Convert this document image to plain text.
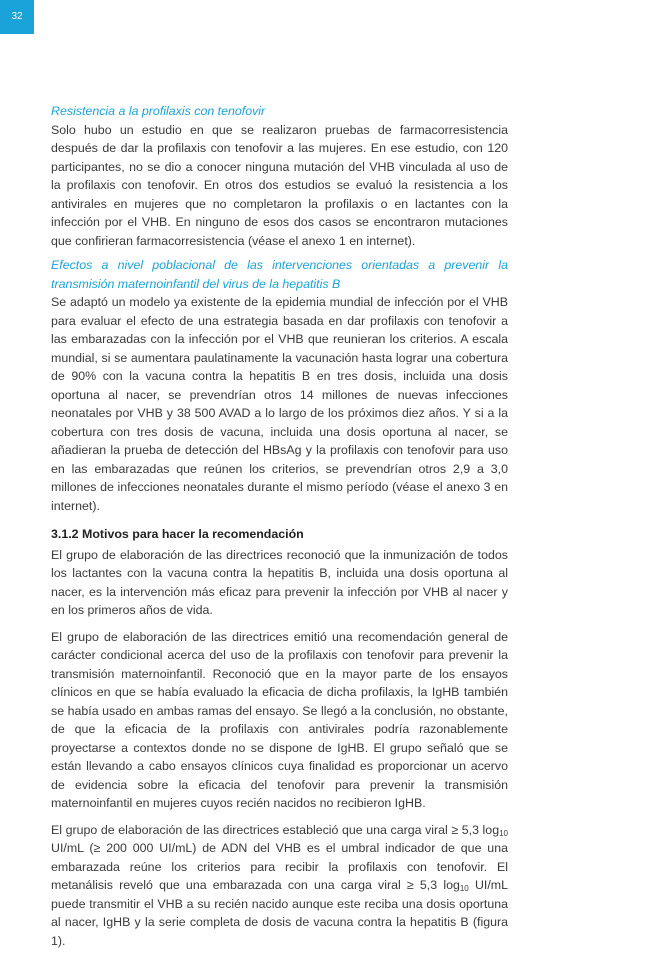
32

Resistencia a la profilaxis con tenofovir

Solo hubo un estudio en que se realizaron pruebas de farmacorresistencia después de dar la profilaxis con tenofovir a las mujeres. En ese estudio, con 120 participantes, no se dio a conocer ninguna mutación del VHB vinculada al uso de la profilaxis con tenofovir. En otros dos estudios se evaluó la resistencia a los antivirales en mujeres que no completaron la profilaxis o en lactantes con la infección por el VHB. En ninguno de esos dos casos se encontraron mutaciones que confirieran farmacorresistencia (véase el anexo 1 en internet).

Efectos a nivel poblacional de las intervenciones orientadas a prevenir la transmisión maternoinfantil del virus de la hepatitis B

Se adaptó un modelo ya existente de la epidemia mundial de infección por el VHB para evaluar el efecto de una estrategia basada en dar profilaxis con tenofovir a las embarazadas con la infección por el VHB que reunieran los criterios. A escala mundial, si se aumentara paulatinamente la vacunación hasta lograr una cobertura de 90% con la vacuna contra la hepatitis B en tres dosis, incluida una dosis oportuna al nacer, se prevendrían otros 14 millones de nuevas infecciones neonatales por VHB y 38 500 AVAD a lo largo de los próximos diez años. Y si a la cobertura con tres dosis de vacuna, incluida una dosis oportuna al nacer, se añadieran la prueba de detección del HBsAg y la profilaxis con tenofovir para uso en las embarazadas que reúnen los criterios, se prevendrían otros 2,9 a 3,0 millones de infecciones neonatales durante el mismo período (véase el anexo 3 en internet).

3.1.2 Motivos para hacer la recomendación

El grupo de elaboración de las directrices reconoció que la inmunización de todos los lactantes con la vacuna contra la hepatitis B, incluida una dosis oportuna al nacer, es la intervención más eficaz para prevenir la infección por VHB al nacer y en los primeros años de vida.

El grupo de elaboración de las directrices emitió una recomendación general de carácter condicional acerca del uso de la profilaxis con tenofovir para prevenir la transmisión maternoinfantil. Reconoció que en la mayor parte de los ensayos clínicos en que se había evaluado la eficacia de dicha profilaxis, la IgHB también se había usado en ambas ramas del ensayo. Se llegó a la conclusión, no obstante, de que la eficacia de la profilaxis con antivirales podría razonablemente proyectarse a contextos donde no se dispone de IgHB. El grupo señaló que se están llevando a cabo ensayos clínicos cuya finalidad es proporcionar un acervo de evidencia sobre la eficacia del tenofovir para prevenir la transmisión maternoinfantil en mujeres cuyos recién nacidos no recibieron IgHB.

El grupo de elaboración de las directrices estableció que una carga viral ≥ 5,3 $\log_{10} UI/mL$ (≥ 200 000 UI/mL) de ADN del VHB es el umbral indicador de que una embarazada reúne los criterios para recibir la profilaxis con tenofovir. El metanálisis reveló que una embarazada con una carga viral ≥ 5,3 $\log_{10} UI/mL$ puede transmitir el VHB a su recién nacido aunque este reciba una dosis oportuna al nacer, IgHB y la serie completa de dosis de vacuna contra la hepatitis B (figura 1).
